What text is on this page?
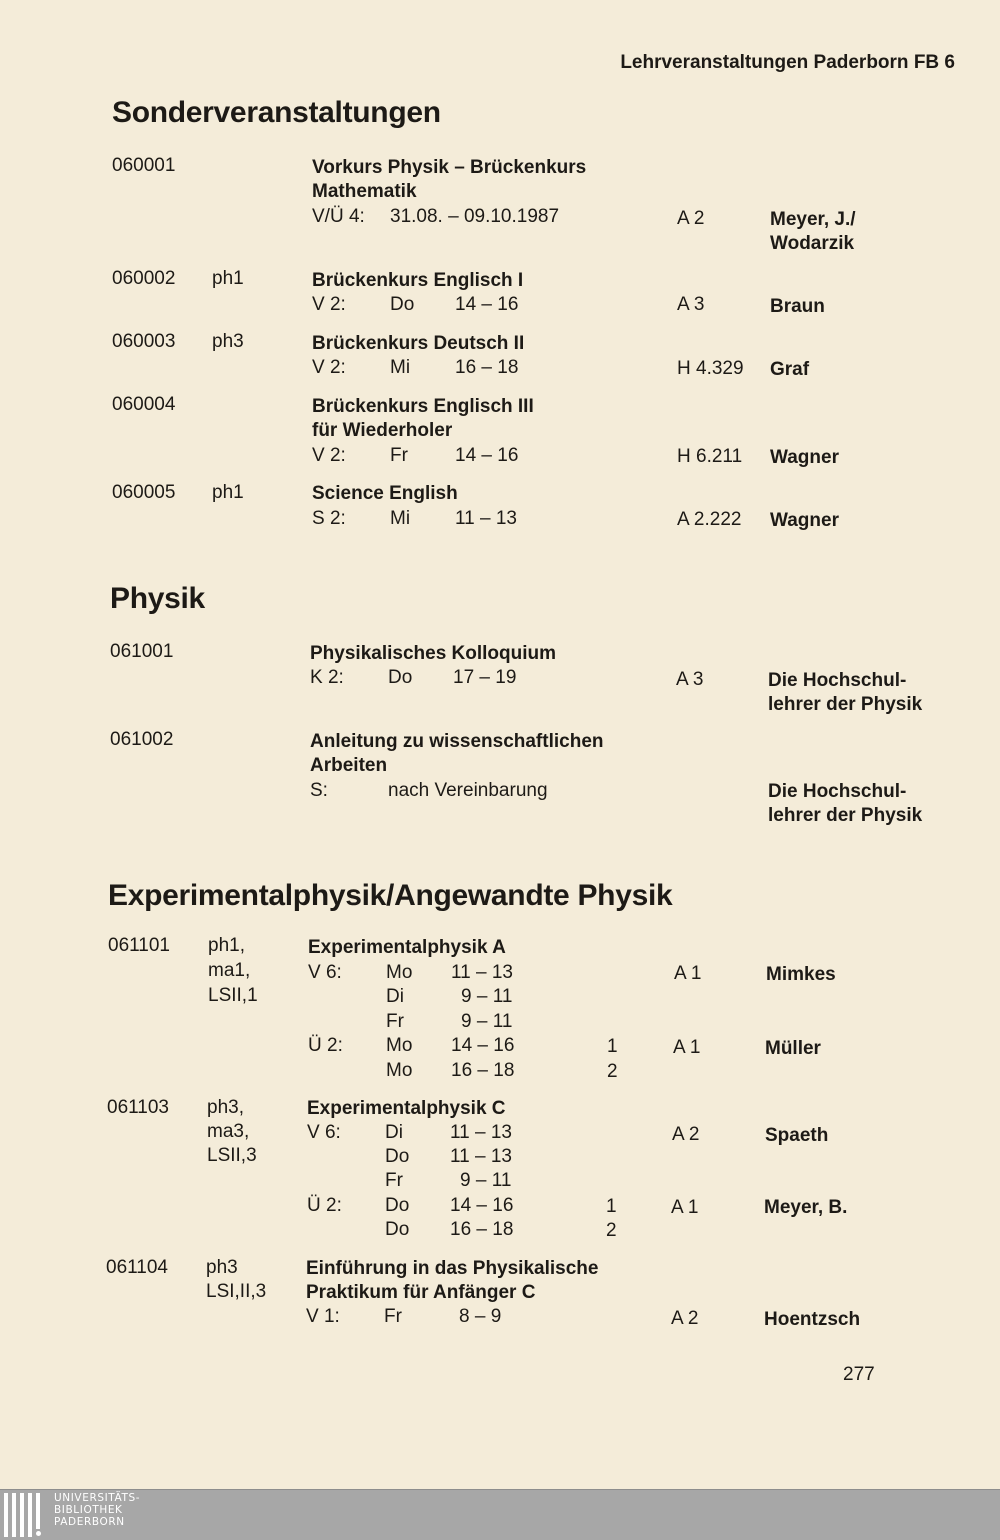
Lehrveranstaltungen Paderborn FB 6
Sonderveranstaltungen
060001	Vorkurs Physik – Brückenkurs
Mathematik
V/Ü 4: 31.08. – 09.10.1987	A 2	Meyer, J./
Wodarzik
060002 ph1	Brückenkurs Englisch I
V 2: Do 14 – 16	A 3	Braun
060003 ph3	Brückenkurs Deutsch II
V 2: Mi 16 – 18	H 4.329 Graf
060004	Brückenkurs Englisch III
für Wiederholer
V 2: Fr 14 – 16	H 6.211 Wagner
060005 ph1	Science English
S 2: Mi 11 – 13	A 2.222 Wagner
Physik
061001	Physikalisches Kolloquium
K 2: Do 17 – 19	A 3	Die Hochschul-
lehrer der Physik
061002	Anleitung zu wissenschaftlichen
Arbeiten
S:	nach Vereinbarung	Die Hochschul-
lehrer der Physik
Experimentalphysik/Angewandte Physik
061101 ph1,
ma1,
LSII,1
Experimentalphysik A
V 6: Mo 11 – 13	A 1	Mimkes
Di	9 – 11
Fr	9 – 11
Ü 2: Mo 14 – 16	1	A 1	Müller
Mo 16 – 18	2
061103 ph3,
ma3,
LSII,3
Experimentalphysik C
V 6: Di 11 – 13	A 2	Spaeth
Do 11 – 13
Fr	9 – 11
Ü 2: Do 14 – 16	1	A 1	Meyer, B.
Do 16 – 18	2
061104 ph3
LSI,II,3
Einführung in das Physikalische
Praktikum für Anfänger C
V 1: Fr	8 – 9	A 2	Hoentzsch
277
UNIVERSITÄTS-
BIBLIOTHEK
PADERBORN
